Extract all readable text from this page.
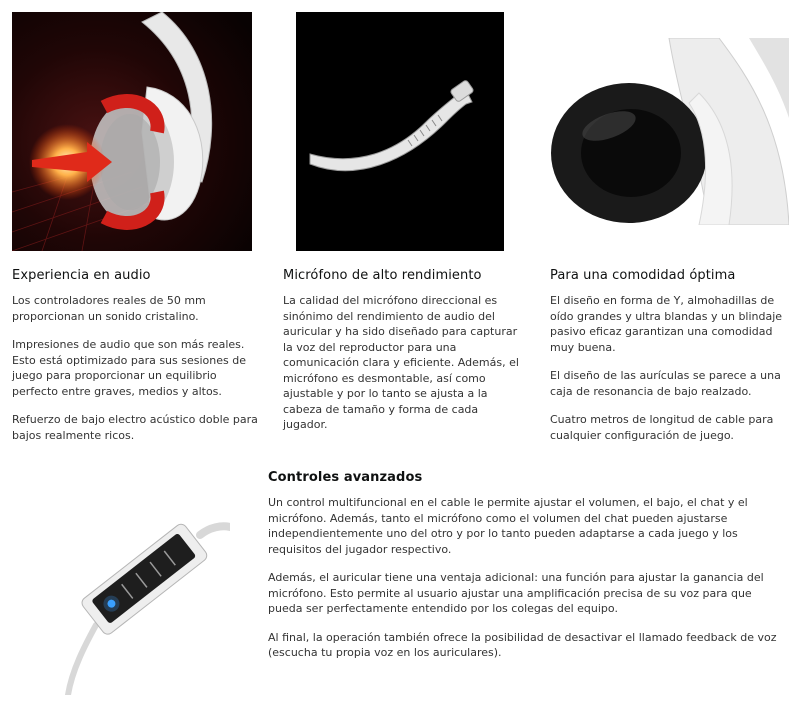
Experiencia en audio

Los controladores reales de 50 mm proporcionan un sonido cristalino.

Impresiones de audio que son más reales. Esto está optimizado para sus sesiones de juego para proporcionar un equilibrio perfecto entre graves, medios y altos.

Refuerzo de bajo electro acústico doble para bajos realmente ricos.

Micrófono de alto rendimiento

La calidad del micrófono direccional es sinónimo del rendimiento de audio del auricular y ha sido diseñado para capturar la voz del reproductor para una comunicación clara y eficiente. Además, el micrófono es desmontable, así como ajustable y por lo tanto se ajusta a la cabeza de tamaño y forma de cada jugador.

Para una comodidad óptima

El diseño en forma de Y, almohadillas de oído grandes y ultra blandas y un blindaje pasivo eficaz garantizan una comodidad muy buena.

El diseño de las aurículas se parece a una caja de resonancia de bajo realzado.

Cuatro metros de longitud de cable para cualquier configuración de juego.

Controles avanzados

Un control multifuncional en el cable le permite ajustar el volumen, el bajo, el chat y el micrófono. Además, tanto el micrófono como el volumen del chat pueden ajustarse independientemente uno del otro y por lo tanto pueden adaptarse a cada juego y los requisitos del jugador respectivo.

Además, el auricular tiene una ventaja adicional: una función para ajustar la ganancia del micrófono. Esto permite al usuario ajustar una amplificación precisa de su voz para que pueda ser perfectamente entendido por los colegas del equipo.

Al final, la operación también ofrece la posibilidad de desactivar el llamado feedback de voz (escucha tu propia voz en los auriculares).
